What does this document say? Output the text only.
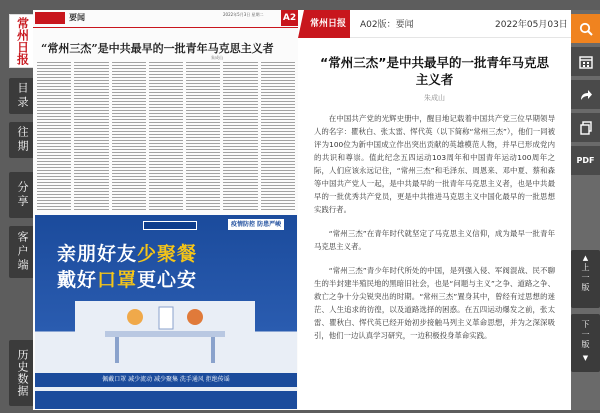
常州日报
目录
往期
分享
客户端
历史数据
要闻	2022年5月3日 星期二	A2
“常州三杰”是中共最早的一批青年马克思主义者
朱成山
疫情防控 防患严峻
亲朋好友少聚餐
戴好口罩更心安
佩戴口罩 减少流动 减少聚集 洗手通风 拒绝传谣
常州日报	A02版：要闻	2022年05月03日
“常州三杰”是中共最早的一批青年马克思主义者
朱成山

在中国共产党的光辉史册中，醒目地记载着中国共产党三位早期领导人的名字：瞿秋白、张太雷、恽代英（以下简称“常州三杰”），他们一同被评为100位为新中国成立作出突出贡献的英雄模范人物，并早已形成党内的共识和尊崇。值此纪念五四运动103周年和中国青年运动100周年之际，人们应该永远记住，“常州三杰”和毛泽东、周恩来、邓中夏、蔡和森等中国共产党人一起，是中共最早的一批青年马克思主义者，也是中共最早的一批优秀共产党员，更是中共推进马克思主义中国化最早的一批思想实践行者。

“常州三杰”在青年时代就坚定了马克思主义信仰，成为最早一批青年马克思主义者。

“常州三杰”青少年时代所处的中国，是列强入侵、军阀混战、民不聊生的半封建半殖民地的黑暗旧社会，也是“问题与主义”之争、道路之争、救亡之争十分尖锐突出的时期。“常州三杰”置身其中，曾经有过思想的迷茫、人生追求的彷徨，以及道路选择的困惑。在五四运动爆发之前，张太雷、瞿秋白、恽代英已经开始初步接触马列主义革命思想，并为之深深吸引，他们一边认真学习研究，一边积极投身革命实践。

PDF
▲
上
一
版
下
一
版
▼
